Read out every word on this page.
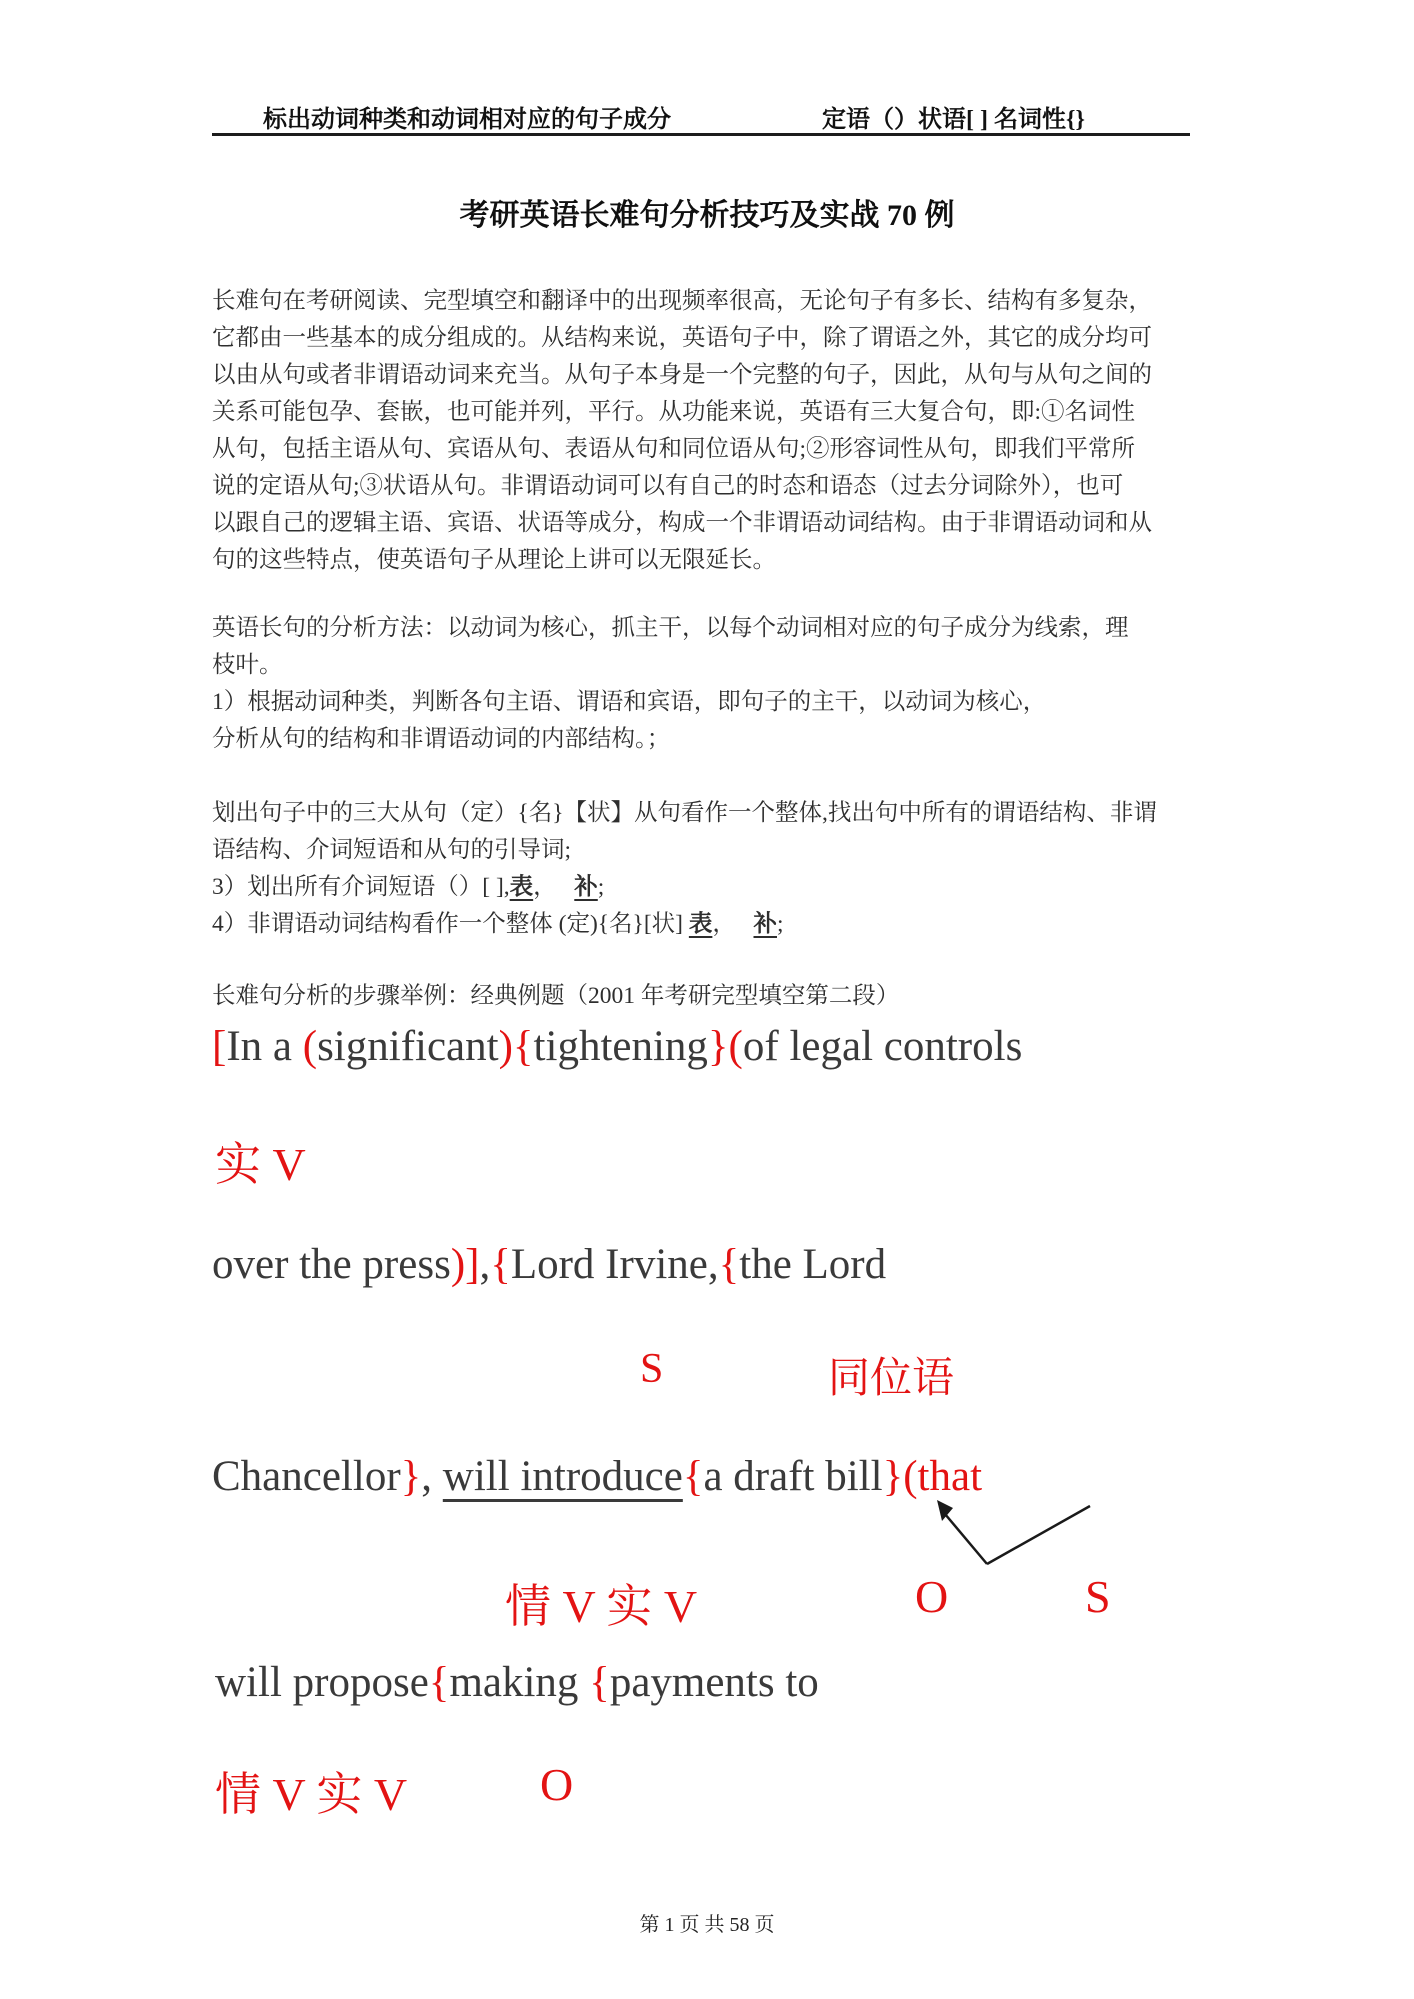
标出动词种类和动词相对应的句子成分	定语（）状语[ ] 名词性{}
考研英语长难句分析技巧及实战 70 例
长难句在考研阅读、完型填空和翻译中的出现频率很高，无论句子有多长、结构有多复杂，
它都由一些基本的成分组成的。从结构来说，英语句子中，除了谓语之外，其它的成分均可
以由从句或者非谓语动词来充当。从句子本身是一个完整的句子，因此，从句与从句之间的
关系可能包孕、套嵌，也可能并列，平行。从功能来说，英语有三大复合句，即:①名词性
从句，包括主语从句、宾语从句、表语从句和同位语从句;②形容词性从句，即我们平常所
说的定语从句;③状语从句。非谓语动词可以有自己的时态和语态（过去分词除外），也可
以跟自己的逻辑主语、宾语、状语等成分，构成一个非谓语动词结构。由于非谓语动词和从
句的这些特点，使英语句子从理论上讲可以无限延长。
英语长句的分析方法：以动词为核心，抓主干，以每个动词相对应的句子成分为线索，理
枝叶。
1）根据动词种类，判断各句主语、谓语和宾语，即句子的主干，以动词为核心，
分析从句的结构和非谓语动词的内部结构。；
划出句子中的三大从句（定）{名}【状】从句看作一个整体,找出句中所有的谓语结构、非谓
语结构、介词短语和从句的引导词;
3）划出所有介词短语（）[ ],表，   补;
4）非谓语动词结构看作一个整体 (定){名}[状] 表，   补;
长难句分析的步骤举例：经典例题（2001 年考研完型填空第二段）
[In a (significant){tightening}(of legal controls
实 V
over the press)],{Lord Irvine,{the Lord
S	同位语
Chancellor}, will introduce{a draft bill}(that
情 V 实 V	O	S
will propose{making {payments to
情 V 实 V	O
第 1 页 共 58 页
